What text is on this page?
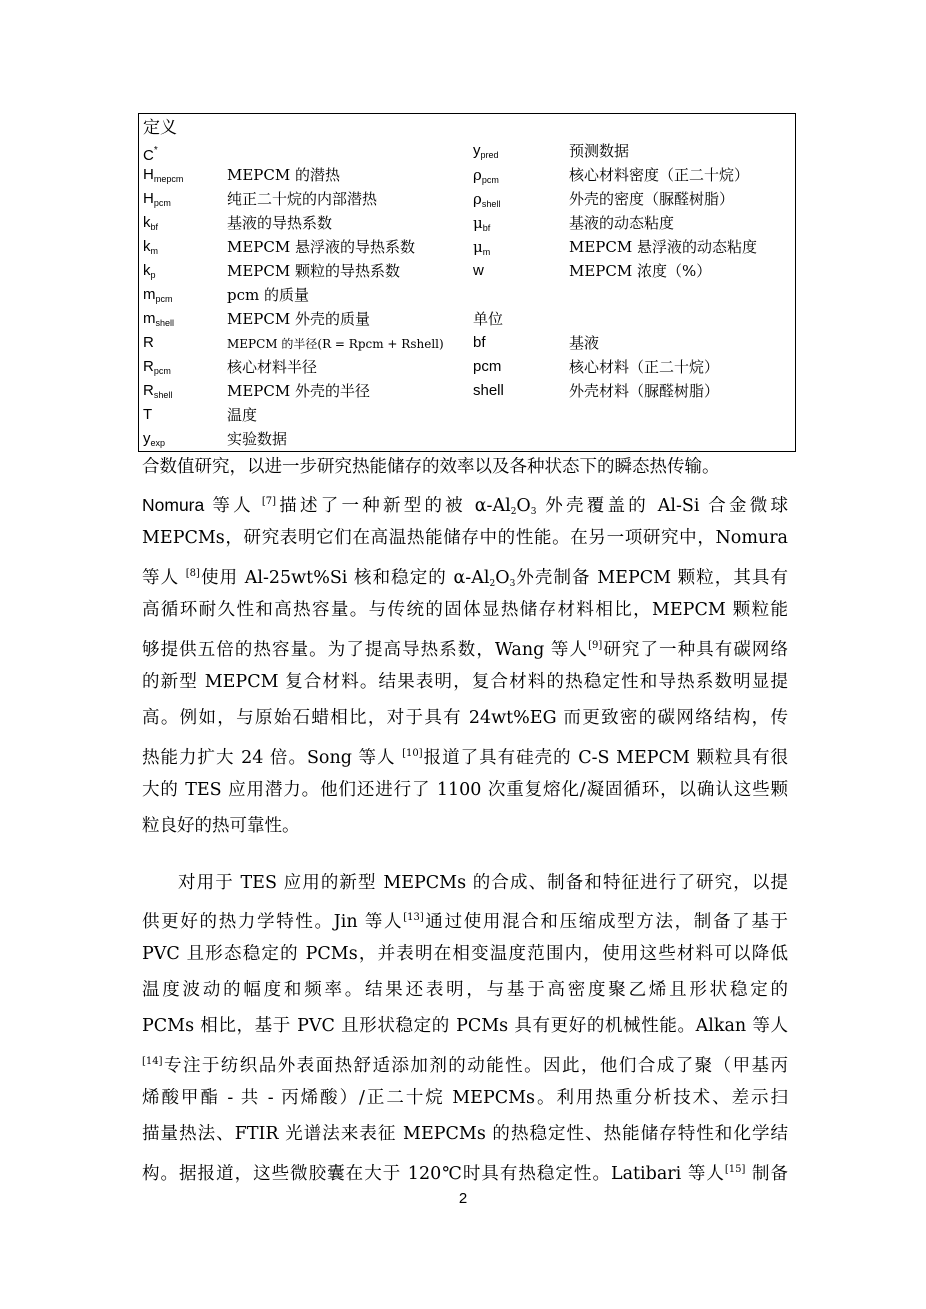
定义
C*
$H_{mepcm}$
$H_{pcm}$
$k_{bf}$
$k_m$
$k_p$
$m_{pcm}$
$m_{shell}$
R
$R_{pcm}$
$R_{shell}$
T
$y_{exp}$
MEPCM 的潜热
纯正二十烷的内部潜热
基液的导热系数
MEPCM 悬浮液的导热系数
MEPCM 颗粒的导热系数
pcm 的质量
MEPCM 外壳的质量
MEPCM 的半径(R = Rpcm + Rshell)
核心材料半径
MEPCM 外壳的半径
温度
实验数据
$y_{pred}$
$\rho_{pcm}$
$\rho_{shell}$
$\mu_{bf}$
$\mu_m$
w
单位
bf
pcm
shell
预测数据
核心材料密度（正二十烷）
外壳的密度（脲醛树脂）
基液的动态粘度
MEPCM 悬浮液的动态粘度
MEPCM 浓度（%）
基液
核心材料（正二十烷）
外壳材料（脲醛树脂）
合数值研究，以进一步研究热能储存的效率以及各种状态下的瞬态热传输。
Nomura 等人 [7]描述了一种新型的被 $\alpha-Al_2O_3$ 外壳覆盖的 Al-Si 合金微球
MEPCMs，研究表明它们在高温热能储存中的性能。在另一项研究中，Nomura
等人 [8]使用 Al-25wt%Si 核和稳定的 $\alpha-Al_2O_3$外壳制备 MEPCM 颗粒，其具有
高循环耐久性和高热容量。与传统的固体显热储存材料相比，MEPCM 颗粒能
够提供五倍的热容量。为了提高导热系数，Wang 等人[9]研究了一种具有碳网络
的新型 MEPCM 复合材料。结果表明，复合材料的热稳定性和导热系数明显提
高。例如，与原始石蜡相比，对于具有 24wt%EG 而更致密的碳网络结构，传
热能力扩大 24 倍。Song 等人 [10]报道了具有硅壳的 C-S MEPCM 颗粒具有很
大的 TES 应用潜力。他们还进行了 1100 次重复熔化/凝固循环，以确认这些颗
粒良好的热可靠性。
对用于 TES 应用的新型 MEPCMs 的合成、制备和特征进行了研究，以提
供更好的热力学特性。Jin 等人[13]通过使用混合和压缩成型方法，制备了基于
PVC 且形态稳定的 PCMs，并表明在相变温度范围内，使用这些材料可以降低
温度波动的幅度和频率。结果还表明，与基于高密度聚乙烯且形状稳定的
PCMs 相比，基于 PVC 且形状稳定的 PCMs 具有更好的机械性能。Alkan 等人
[14]专注于纺织品外表面热舒适添加剂的动能性。因此，他们合成了聚（甲基丙
烯酸甲酯 - 共 - 丙烯酸）/正二十烷 MEPCMs。利用热重分析技术、差示扫
描量热法、FTIR 光谱法来表征 MEPCMs 的热稳定性、热能储存特性和化学结
构。据报道，这些微胶囊在大于 120℃时具有热稳定性。Latibari 等人[15] 制备
2
